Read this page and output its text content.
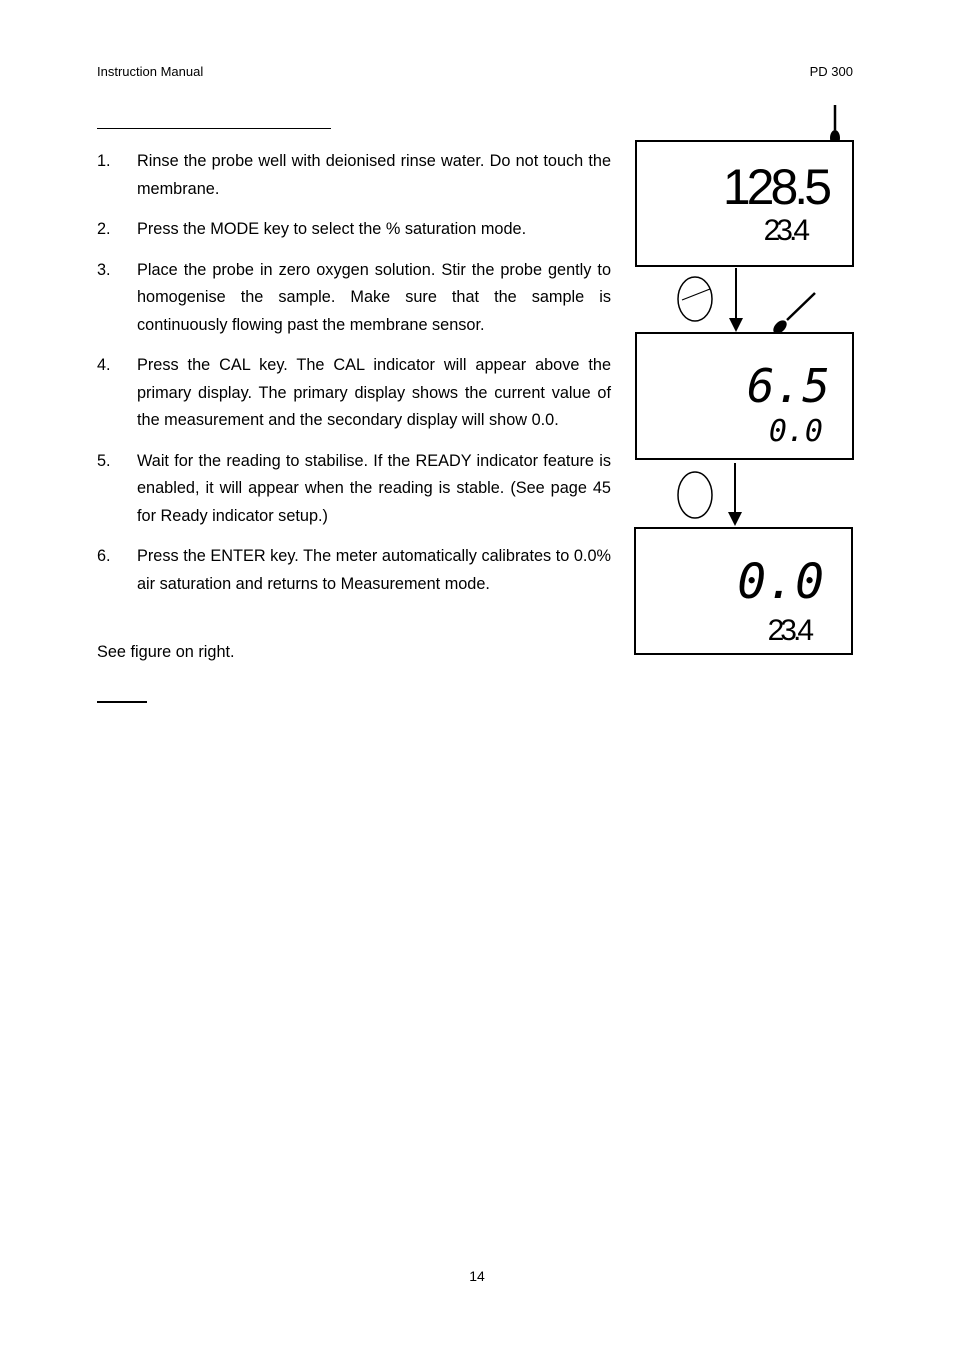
Instruction Manual	PD 300
1. Rinse the probe well with deionised rinse water. Do not touch the membrane.
2. Press the MODE key to select the % saturation mode.
3. Place the probe in zero oxygen solution. Stir the probe gently to homogenise the sample. Make sure that the sample is continuously flowing past the membrane sensor.
4. Press the CAL key. The CAL indicator will appear above the primary display. The primary display shows the current value of the measurement and the secondary display will show 0.0.
5. Wait for the reading to stabilise. If the READY indicator feature is enabled, it will appear when the reading is stable. (See page 45 for Ready indicator setup.)
6. Press the ENTER key. The meter automatically calibrates to 0.0% air saturation and returns to Measurement mode.
See figure on right.
128.5
23.4
6.5
0.0
0.0
23.4
14
